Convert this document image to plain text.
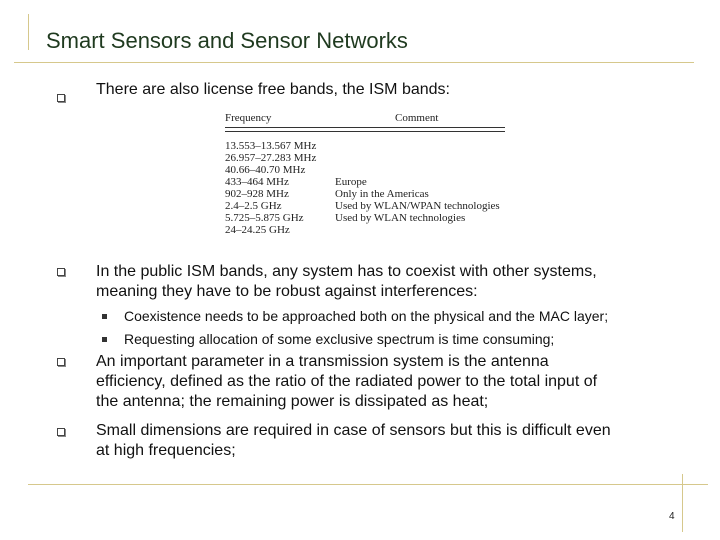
Smart Sensors and Sensor Networks
There are also license free bands, the ISM bands:
Frequency	Comment
13.553–13.567 MHz
26.957–27.283 MHz
40.66–40.70 MHz
433–464 MHz	Europe
902–928 MHz	Only in the Americas
2.4–2.5 GHz	Used by WLAN/WPAN technologies
5.725–5.875 GHz	Used by WLAN technologies
24–24.25 GHz
In the public ISM bands, any system has to coexist with other systems,
meaning they have to be robust against interferences:
Coexistence needs to be approached both on the physical and the MAC layer;
Requesting allocation of some exclusive spectrum is time consuming;
An important parameter in a transmission system is the antenna
efficiency, defined as the ratio of the radiated power to the total input of
the antenna; the remaining power is dissipated as heat;
Small dimensions are required in case of sensors but this is difficult even
at high frequencies;
4
